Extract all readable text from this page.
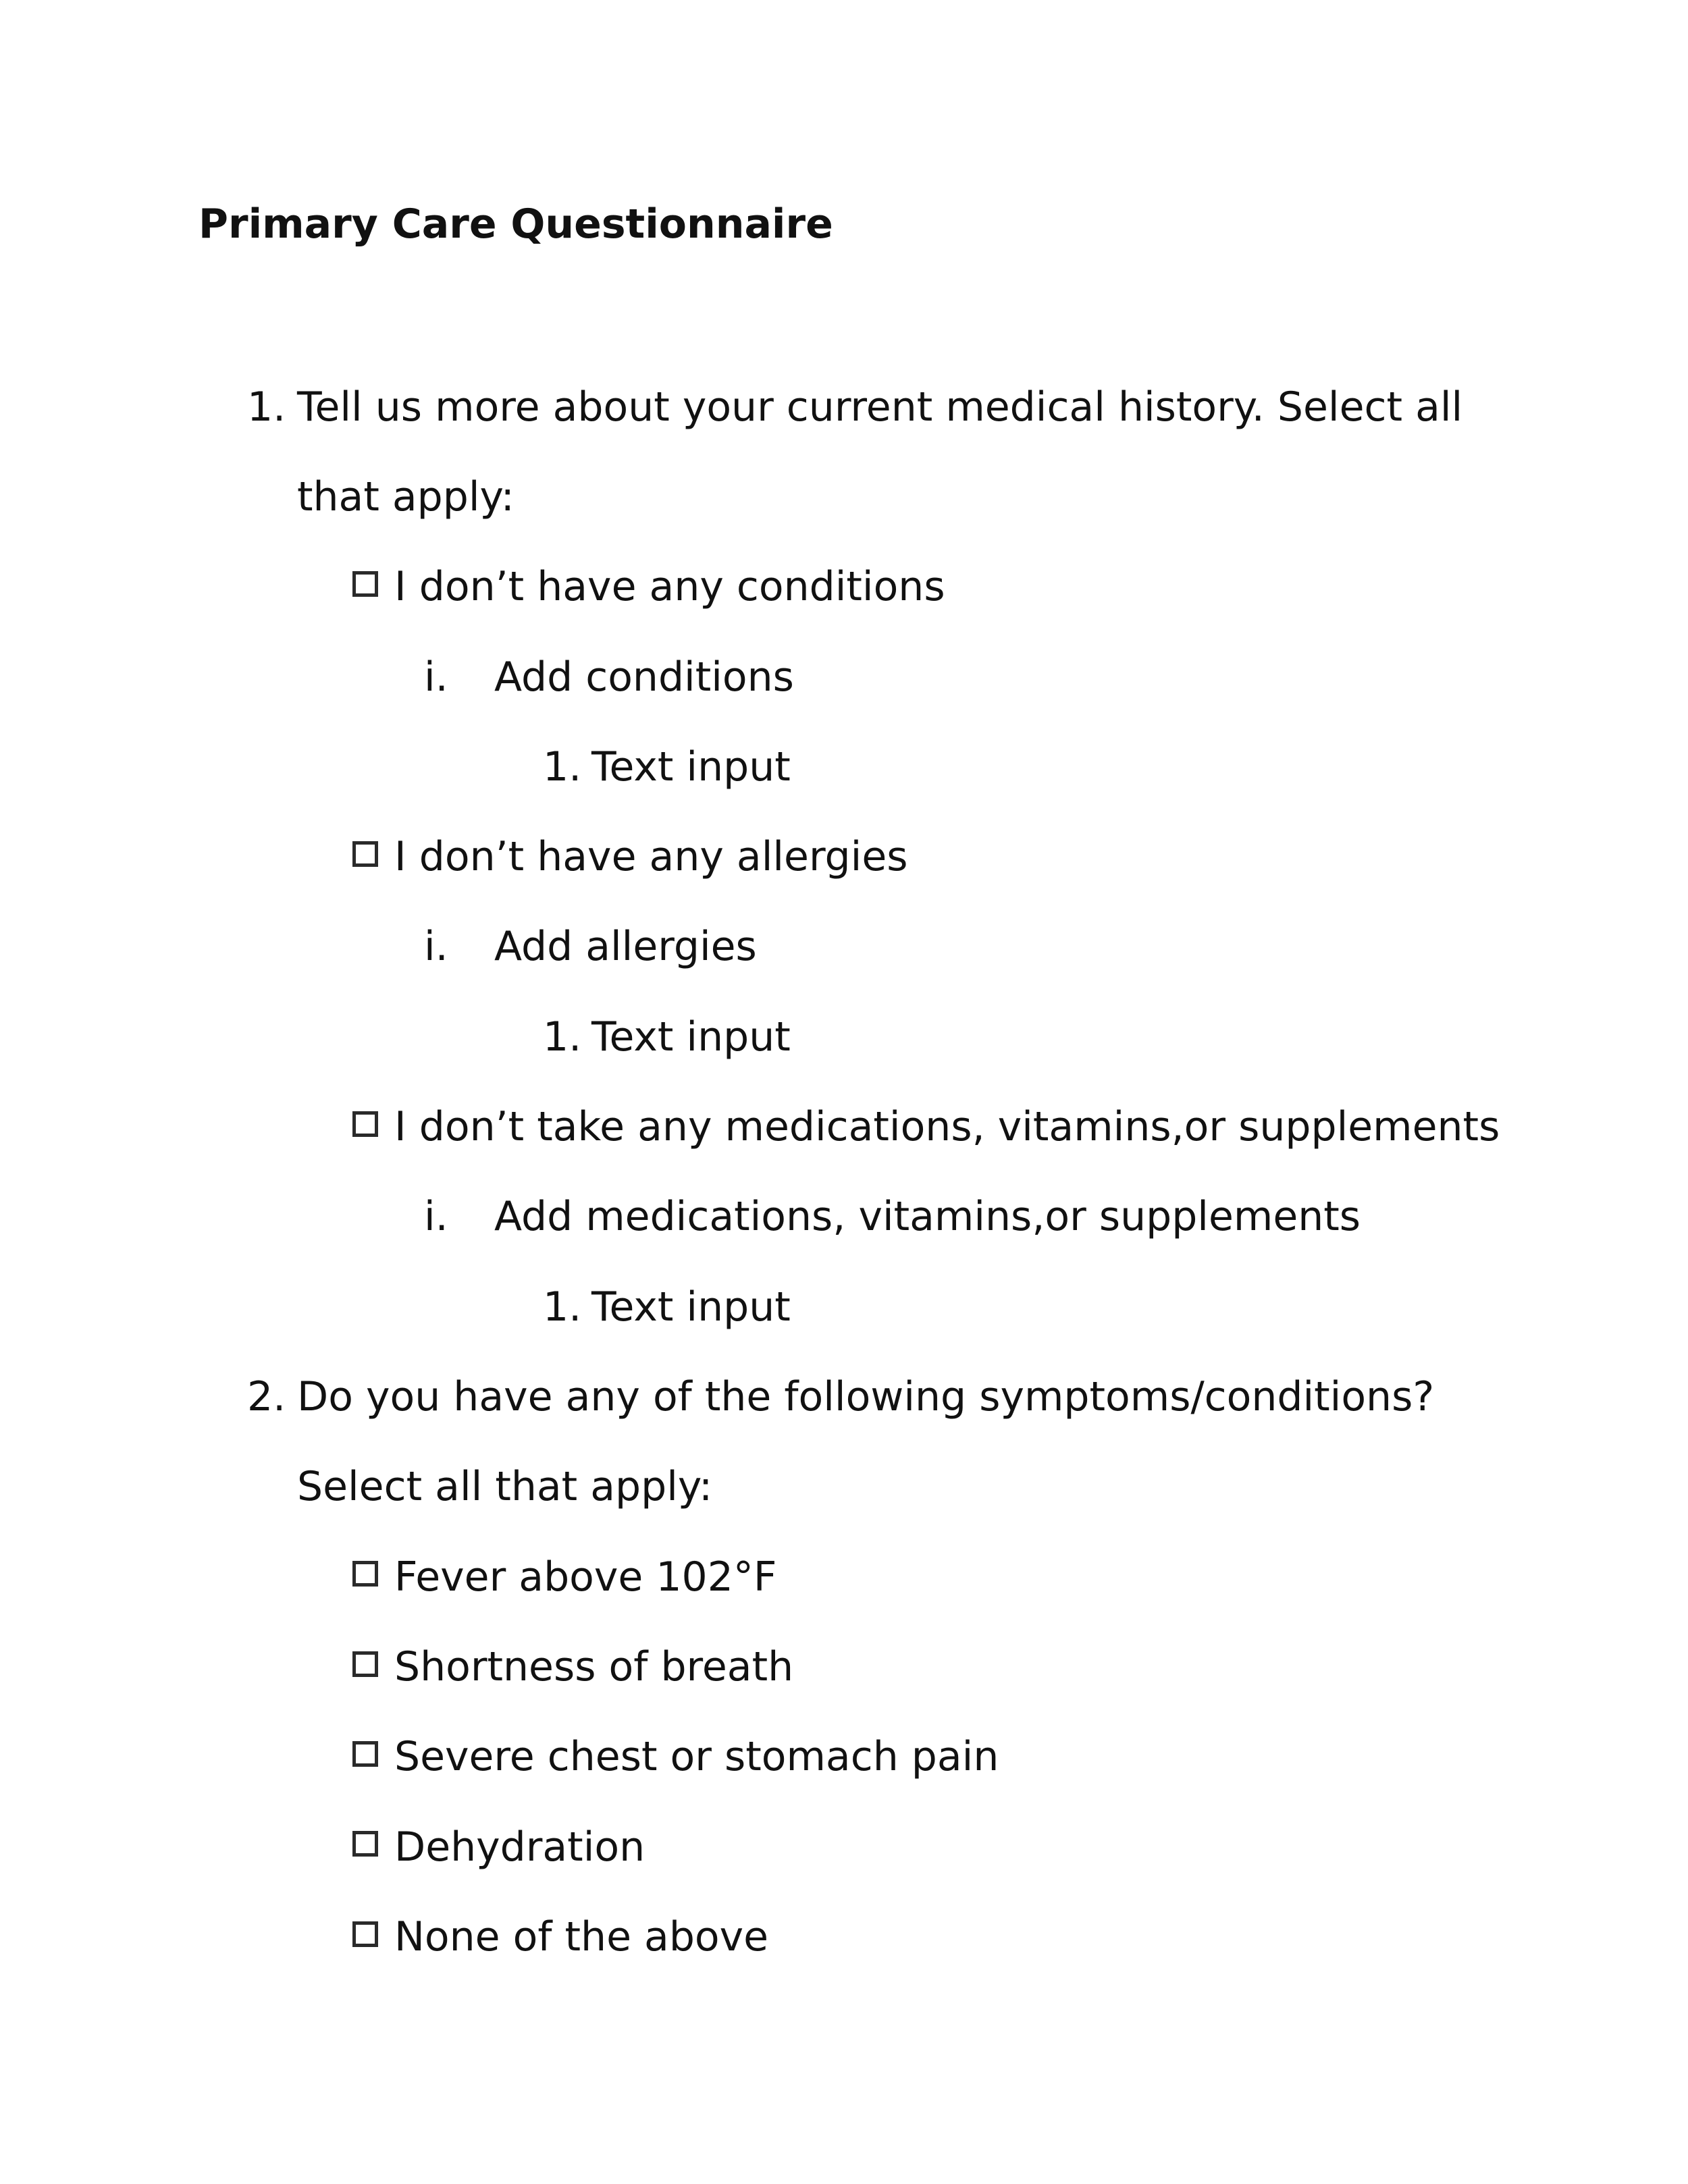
Primary Care Questionnaire
1. Tell us more about your current medical history. Select all
that apply:
I don’t have any conditions
i. Add conditions
1. Text input
I don’t have any allergies
i. Add allergies
1. Text input
I don’t take any medications, vitamins,or supplements
i. Add medications, vitamins,or supplements
1. Text input
2. Do you have any of the following symptoms/conditions?
Select all that apply:
Fever above 102°F
Shortness of breath
Severe chest or stomach pain
Dehydration
None of the above
